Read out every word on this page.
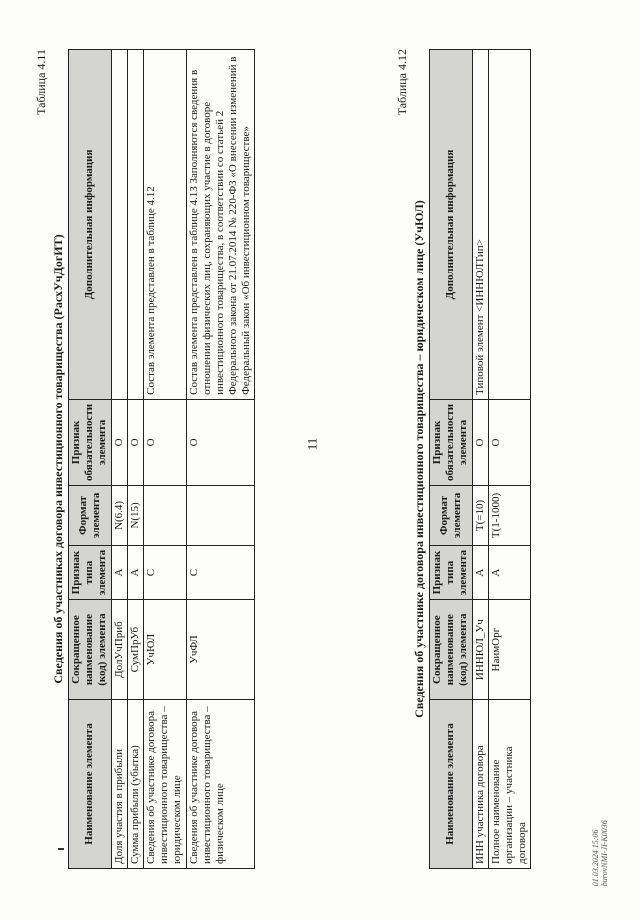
11
01.03.2024 15:06 burovNMI-JI-K0036
Таблица 4.11
Сведения об участниках договора инвестиционного товарищества (РасхУчДогИТ)
Наименование элемента	Сокращенное наименование (код) элемента	Признак типа элемента	Формат элемента	Признак обязательности элемента	Дополнительная информация
Доля участия в прибыли	ДолУчПриб	А	N(6.4)	О	
Сумма прибыли (убытка)	СумПрУб	А	N(15)	О	
Сведения об участнике договора инвестиционного товарищества – юридическом лице	УчЮЛ	С		О	Состав элемента представлен в таблице 4.12
Сведения об участнике договора инвестиционного товарищества – физическом лице	УчФЛ	С		О	Состав элемента представлен в таблице 4.13 Заполняются сведения в отношении физических лиц, сохраняющих участие в договоре инвестиционного товарищества, в соответствии со статьей 2 Федерального закона от 21.07.2014 № 220-ФЗ «О внесении изменений в Федеральный закон «Об инвестиционном товариществе»
Таблица 4.12
Сведения об участнике договора инвестиционного товарищества – юридическом лице (УчЮЛ)
Наименование элемента	Сокращенное наименование (код) элемента	Признак типа элемента	Формат элемента	Признак обязательности элемента	Дополнительная информация
ИНН участника договора	ИННЮЛ_Уч	А	T(=10)	О	Типовой элемент <ИННЮЛТип>
Полное наименование организации – участника договора	НаимОрг	А	T(1-1000)	О	
